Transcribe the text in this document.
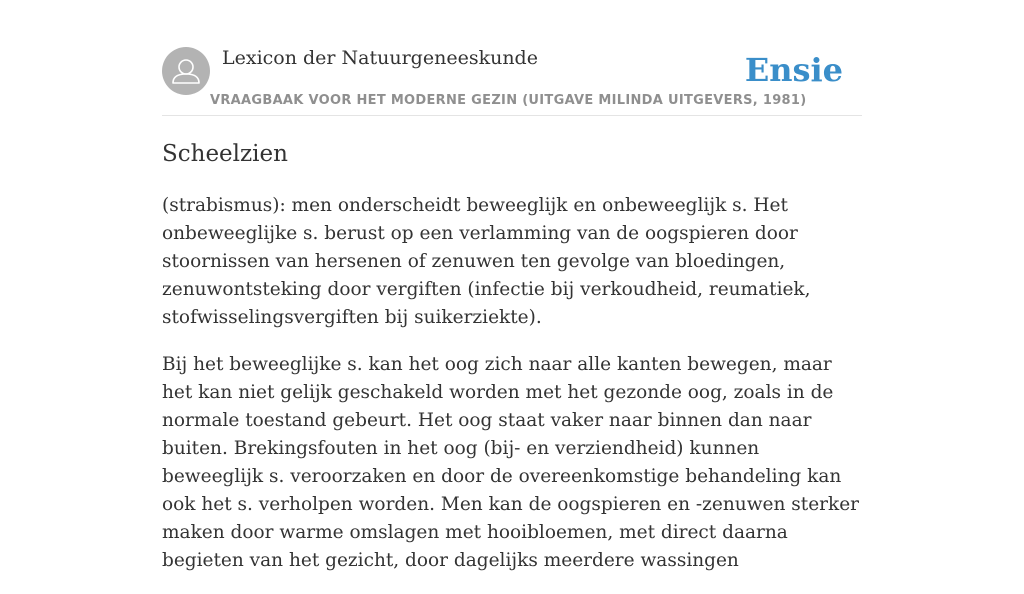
Lexicon der Natuurgeneeskunde
VRAAGBAAK VOOR HET MODERNE GEZIN (UITGAVE MILINDA UITGEVERS, 1981)
Ensie
Scheelzien

(strabismus): men onderscheidt beweeglijk en onbeweeglijk s. Het onbeweeglijke s. berust op een verlamming van de oogspieren door stoornissen van hersenen of zenuwen ten gevolge van bloedingen, zenuwontsteking door vergiften (infectie bij verkoudheid, reumatiek, stofwisselingsvergiften bij suikerziekte).

Bij het beweeglijke s. kan het oog zich naar alle kanten bewegen, maar het kan niet gelijk geschakeld worden met het gezonde oog, zoals in de normale toestand gebeurt. Het oog staat vaker naar binnen dan naar buiten. Brekingsfouten in het oog (bij- en verziendheid) kunnen beweeglijk s. veroorzaken en door de overeenkomstige behandeling kan ook het s. verholpen worden. Men kan de oogspieren en -zenuwen sterker maken door warme omslagen met hooibloemen, met direct daarna begieten van het gezicht, door dagelijks meerdere wassingen
